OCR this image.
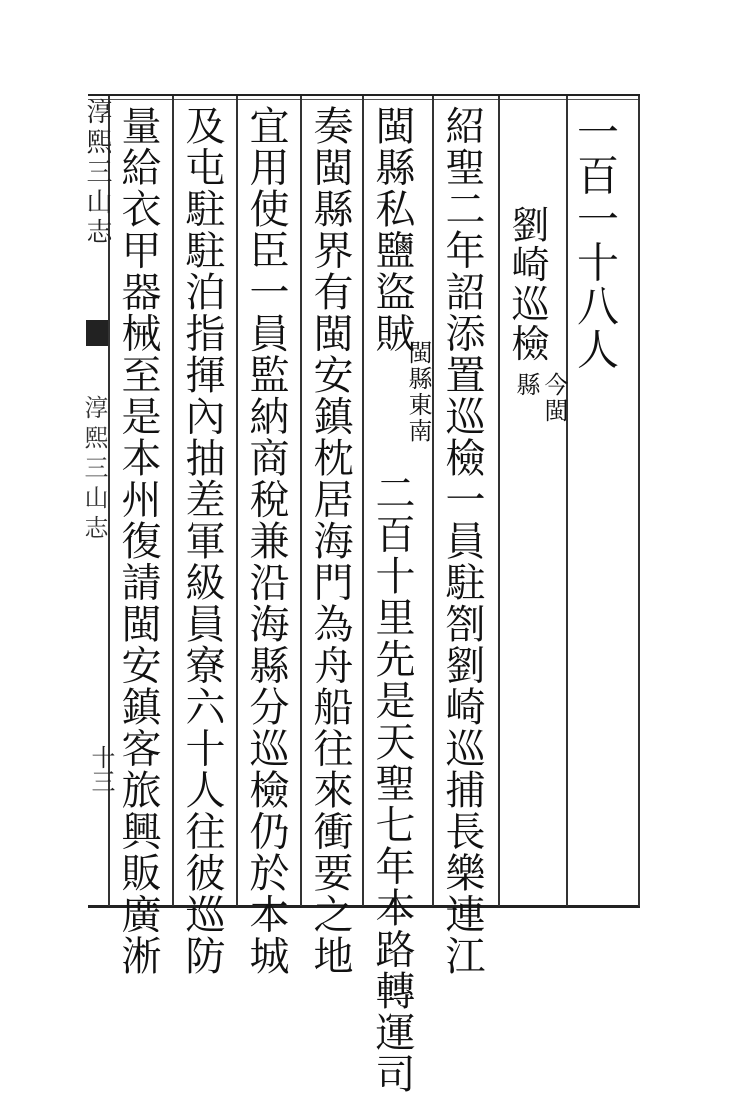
一百一十八人
劉崎巡檢
今閩縣
紹聖二年詔添置巡檢一員駐劄劉崎巡捕長樂連江
閩縣私鹽盜賊
閩縣東南
二百十里先是天聖七年本路轉運司
奏閩縣界有閩安鎮枕居海門為舟船往來衝要之地
宜用使臣一員監納商稅兼沿海縣分巡檢仍於本城
及屯駐駐泊指揮內抽差軍級員寮六十人往彼巡防
量給衣甲器械至是本州復請閩安鎮客旅興販廣淅
淳熙三山志
淳熙三山志
十三
